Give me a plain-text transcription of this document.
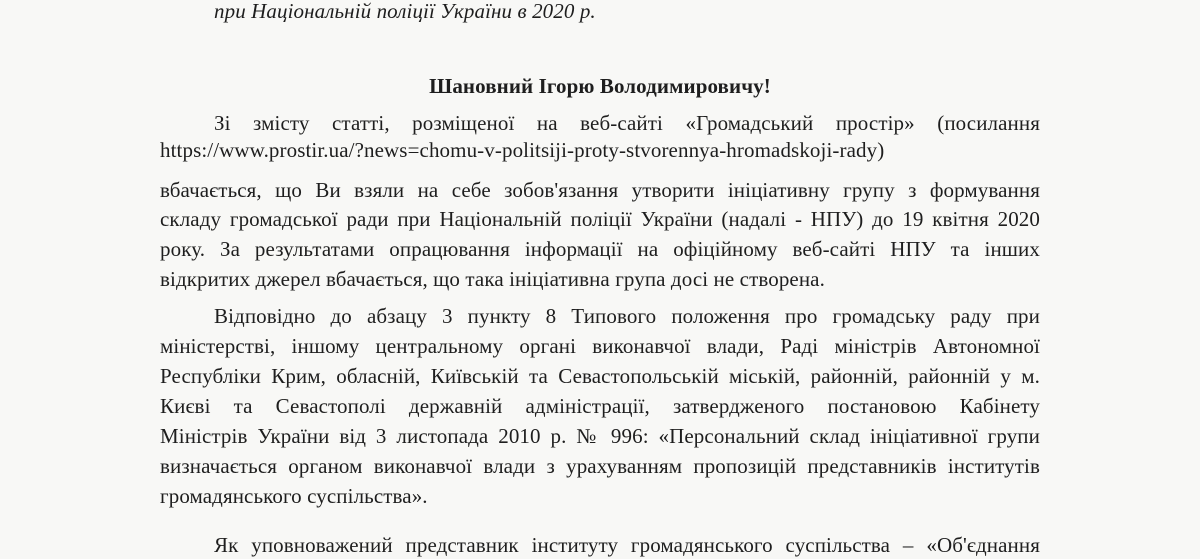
при Національній поліції України в 2020 р.
Шановний Ігорю Володимировичу!
Зі змісту статті, розміщеної на веб-сайті «Громадський простір» (посилання
https://www.prostir.ua/?news=chomu-v-politsiji-proty-stvorennya-hromadskoji-rady)
вбачається, що Ви взяли на себе зобов'язання утворити ініціативну групу з формування
складу громадської ради при Національній поліції України (надалі - НПУ) до 19 квітня 2020
року. За результатами опрацювання інформації на офіційному веб-сайті НПУ та інших
відкритих джерел вбачається, що така ініціативна група досі не створена.
Відповідно до абзацу 3 пункту 8 Типового положення про громадську раду при
міністерстві, іншому центральному органі виконавчої влади, Раді міністрів Автономної
Республіки Крим, обласній, Київській та Севастопольській міській, районній, районній у м.
Києві та Севастополі державній адміністрації, затвердженого постановою Кабінету
Міністрів України від 3 листопада 2010 р. № 996: «Персональний склад ініціативної групи
визначається органом виконавчої влади з урахуванням пропозицій представників інститутів
громадянського суспільства».
Як уповноважений представник інституту громадянського суспільства – «Об'єднання
